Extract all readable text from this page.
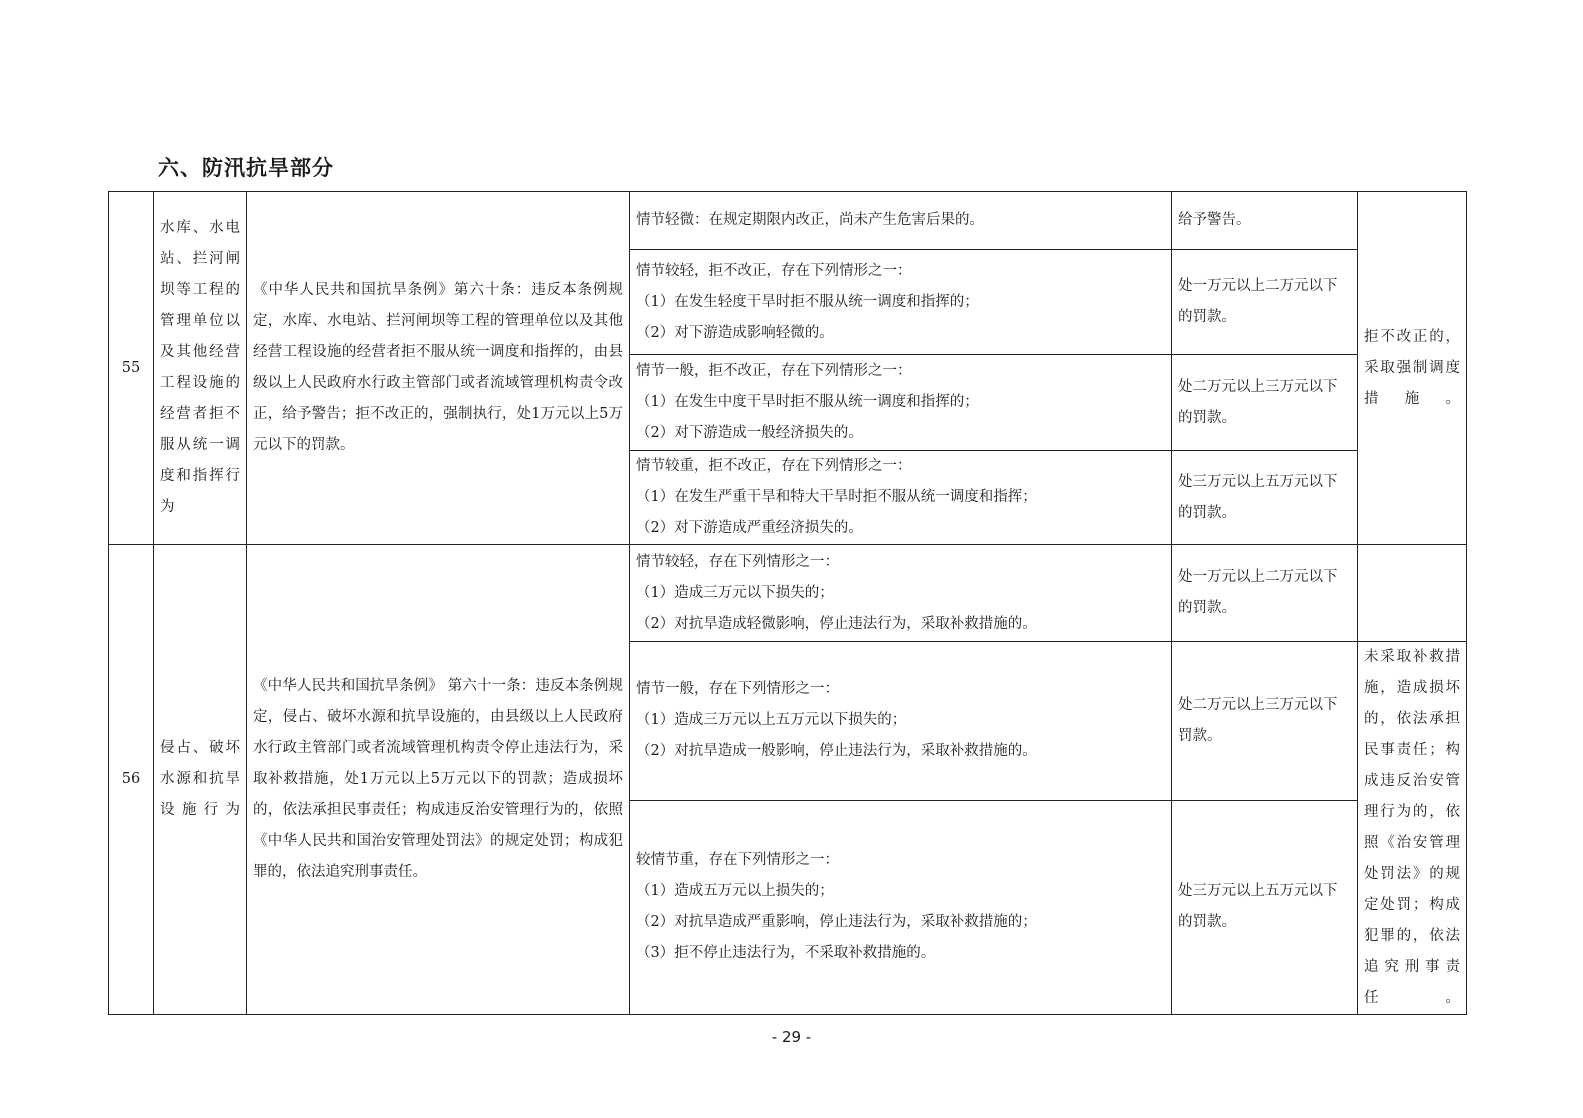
六、防汛抗旱部分
55	水库、水电站、拦河闸坝等工程的管理单位以及其他经营工程设施的经营者拒不服从统一调度和指挥行为	《中华人民共和国抗旱条例》第六十条：违反本条例规定，水库、水电站、拦河闸坝等工程的管理单位以及其他经营工程设施的经营者拒不服从统一调度和指挥的，由县级以上人民政府水行政主管部门或者流域管理机构责令改正，给予警告；拒不改正的，强制执行，处1万元以上5万元以下的罚款。	情节轻微：在规定期限内改正，尚未产生危害后果的。	给予警告。	拒不改正的，采取强制调度措施。

			情节较轻，拒不改正，存在下列情形之一：
（1）在发生轻度干旱时拒不服从统一调度和指挥的；
（2）对下游造成影响轻微的。	处一万元以上二万元以下的罚款。	

			情节一般，拒不改正，存在下列情形之一：
（1）在发生中度干旱时拒不服从统一调度和指挥的；
（2）对下游造成一般经济损失的。	处二万元以上三万元以下的罚款。	

			情节较重，拒不改正，存在下列情形之一：
（1）在发生严重干旱和特大干旱时拒不服从统一调度和指挥；
（2）对下游造成严重经济损失的。	处三万元以上五万元以下的罚款。	
56	侵占、破坏水源和抗旱设施行为	《中华人民共和国抗旱条例》 第六十一条：违反本条例规定，侵占、破坏水源和抗旱设施的，由县级以上人民政府水行政主管部门或者流域管理机构责令停止违法行为，采取补救措施，处1万元以上5万元以下的罚款；造成损坏的，依法承担民事责任；构成违反治安管理行为的，依照《中华人民共和国治安管理处罚法》的规定处罚；构成犯罪的，依法追究刑事责任。	情节较轻，存在下列情形之一：
（1）造成三万元以下损失的；
（2）对抗旱造成轻微影响，停止违法行为，采取补救措施的。	处一万元以上二万元以下的罚款。	

			情节一般，存在下列情形之一：
（1）造成三万元以上五万元以下损失的；
（2）对抗旱造成一般影响，停止违法行为，采取补救措施的。	处二万元以上三万元以下罚款。	未采取补救措施，造成损坏的，依法承担民事责任；构成违反治安管理行为的，依照《治安管理处罚法》的规定处罚；构成犯罪的，依法追究刑事责任。

			较情节重，存在下列情形之一：
（1）造成五万元以上损失的；
（2）对抗旱造成严重影响，停止违法行为，采取补救措施的；
（3）拒不停止违法行为，不采取补救措施的。	处三万元以上五万元以下的罚款。	
- 29 -
